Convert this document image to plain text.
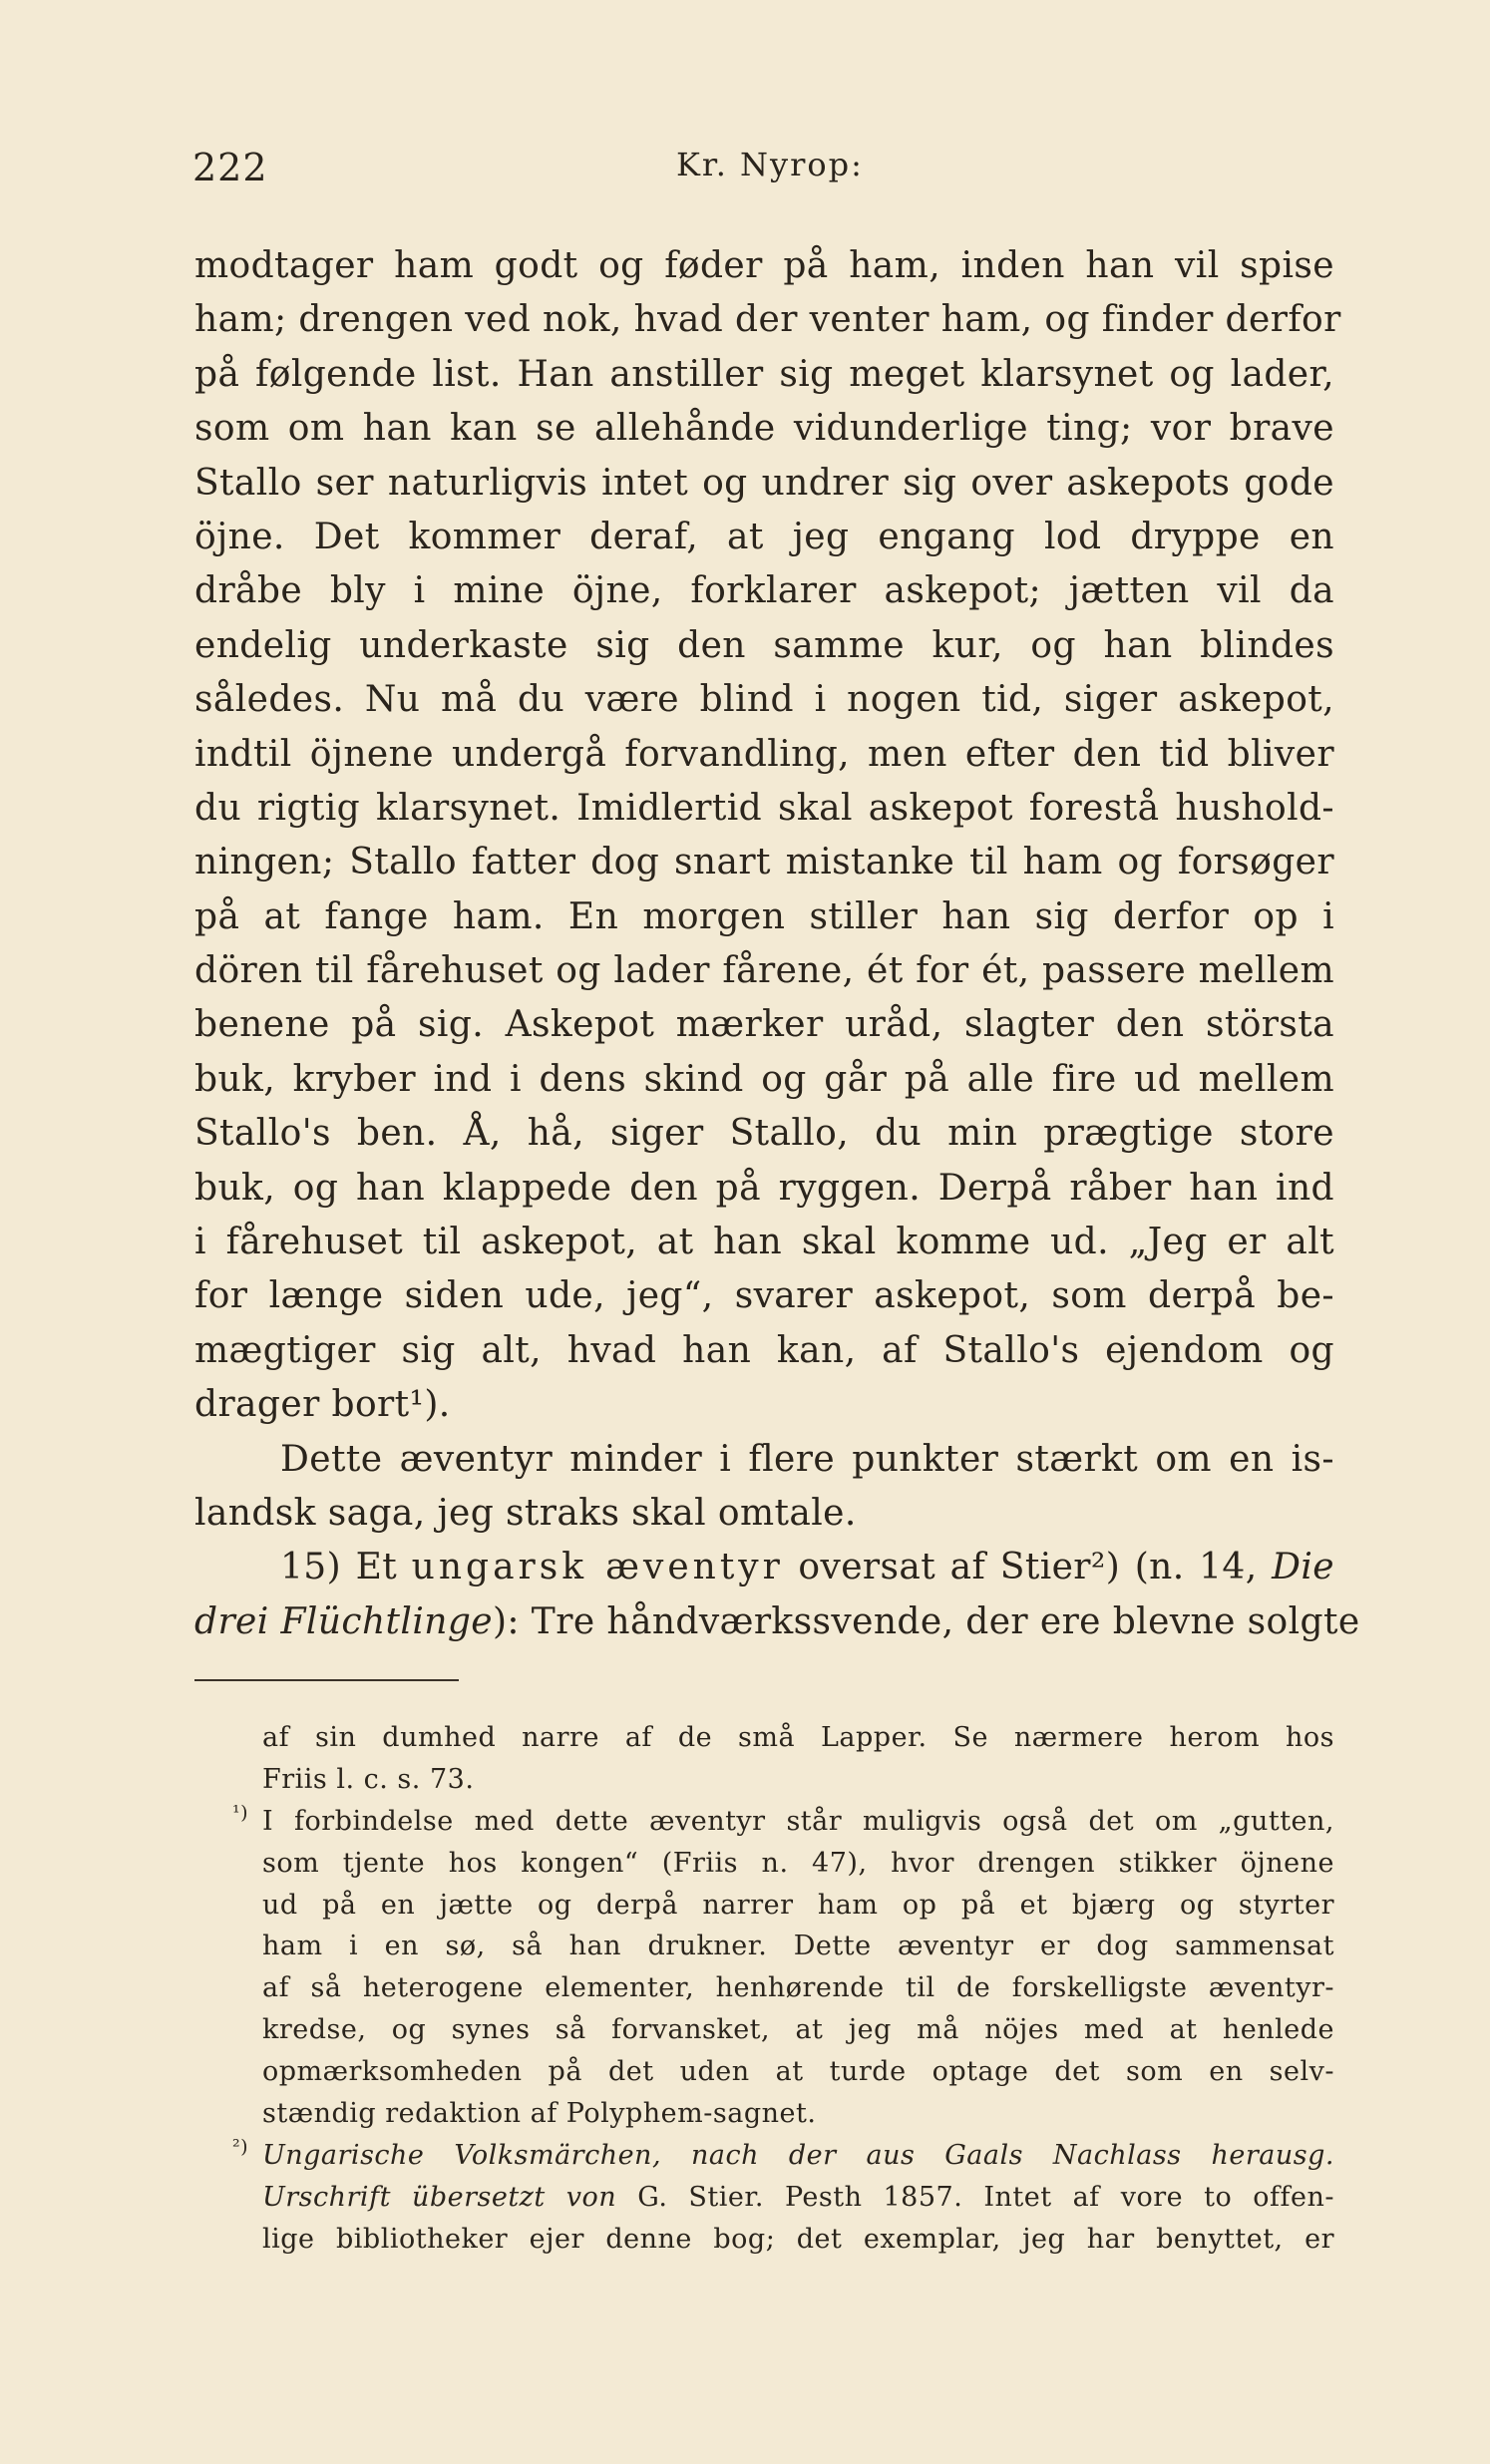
222	Kr. Nyrop:
modtager ham godt og føder på ham, inden han vil spise
ham; drengen ved nok, hvad der venter ham, og finder derfor
på følgende list. Han anstiller sig meget klarsynet og lader,
som om han kan se allehånde vidunderlige ting; vor brave
Stallo ser naturligvis intet og undrer sig over askepots gode
öjne. Det kommer deraf, at jeg engang lod dryppe en
dråbe bly i mine öjne, forklarer askepot; jætten vil da
endelig underkaste sig den samme kur, og han blindes
således. Nu må du være blind i nogen tid, siger askepot,
indtil öjnene undergå forvandling, men efter den tid bliver
du rigtig klarsynet. Imidlertid skal askepot forestå hushold-
ningen; Stallo fatter dog snart mistanke til ham og forsøger
på at fange ham. En morgen stiller han sig derfor op i
dören til fårehuset og lader fårene, ét for ét, passere mellem
benene på sig. Askepot mærker uråd, slagter den största
buk, kryber ind i dens skind og går på alle fire ud mellem
Stallo's ben. Å, hå, siger Stallo, du min prægtige store
buk, og han klappede den på ryggen. Derpå råber han ind
i fårehuset til askepot, at han skal komme ud. „Jeg er alt
for længe siden ude, jeg“, svarer askepot, som derpå be-
mægtiger sig alt, hvad han kan, af Stallo's ejendom og
drager bort¹).
Dette æventyr minder i flere punkter stærkt om en is-
landsk saga, jeg straks skal omtale.
15) Et ungarsk æventyr oversat af Stier²) (n. 14, Die
drei Flüchtlinge): Tre håndværkssvende, der ere blevne solgte
af sin dumhed narre af de små Lapper. Se nærmere herom hos
Friis l. c. s. 73.
¹) I forbindelse med dette æventyr står muligvis også det om „gutten,
som tjente hos kongen“ (Friis n. 47), hvor drengen stikker öjnene
ud på en jætte og derpå narrer ham op på et bjærg og styrter
ham i en sø, så han drukner. Dette æventyr er dog sammensat
af så heterogene elementer, henhørende til de forskelligste æventyr-
kredse, og synes så forvansket, at jeg må nöjes med at henlede
opmærksomheden på det uden at turde optage det som en selv-
stændig redaktion af Polyphem-sagnet.
²) Ungarische Volksmärchen, nach der aus Gaals Nachlass herausg.
Urschrift übersetzt von G. Stier. Pesth 1857. Intet af vore to offen-
lige bibliotheker ejer denne bog; det exemplar, jeg har benyttet, er
